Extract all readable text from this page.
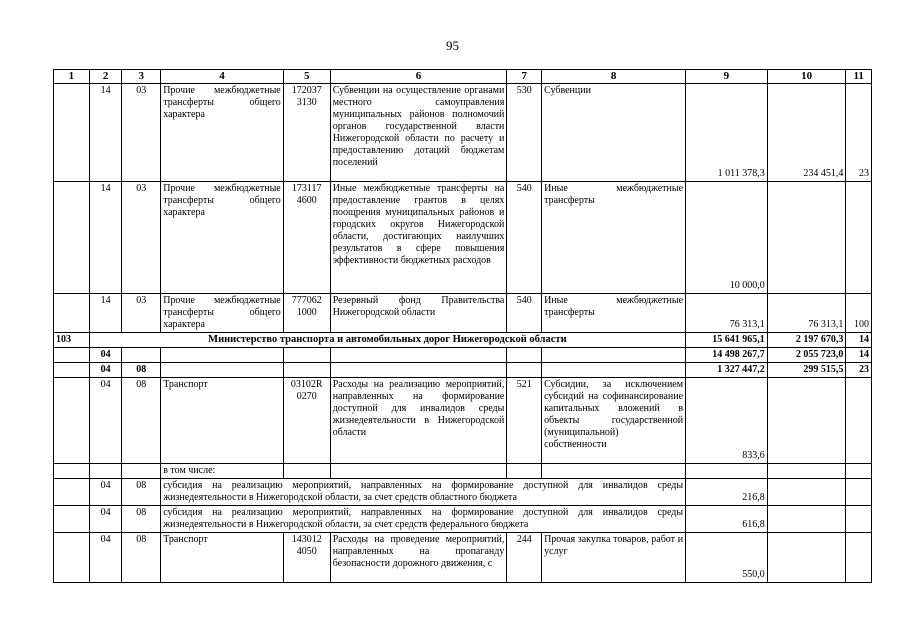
95
1	2	3	4	5	6	7	8	9	10	11
	14	03	Прочие межбюджетные трансферты общего характера	172037 3130	Субвенции на осуществление органами местного самоуправления муниципальных районов полномочий органов государственной власти Нижегородской области по расчету и предоставлению дотаций бюджетам поселений	530	Субвенции	1 011 378,3	234 451,4	23
	14	03	Прочие межбюджетные трансферты общего характера	173117 4600	Иные межбюджетные трансферты на предоставление грантов в целях поощрения муниципальных районов и городских округов Нижегородской области, достигающих наилучших результатов в сфере повышения эффективности бюджетных расходов	540	Иные межбюджетные трансферты	10 000,0		
	14	03	Прочие межбюджетные трансферты общего характера	777062 1000	Резервный фонд Правительства Нижегородской области	540	Иные межбюджетные трансферты	76 313,1	76 313,1	100
103	Министерство транспорта и автомобильных дорог Нижегородской области							15 641 965,1	2 197 670,3	14
	04							14 498 267,7	2 055 723,0	14
	04	08						1 327 447,2	299 515,5	23
	04	08	Транспорт	03102R 0270	Расходы на реализацию мероприятий, направленных на формирование доступной для инвалидов среды жизнедеятельности в Нижегородской области	521	Субсидии, за исключением субсидий на софинансирование капитальных вложений в объекты государственной (муниципальной) собственности	833,6		
			в том числе:							
	04	08	субсидия на реализацию мероприятий, направленных на формирование доступной для инвалидов среды жизнедеятельности в Нижегородской области, за счет средств областного бюджета					216,8		
	04	08	субсидия на реализацию мероприятий, направленных на формирование доступной для инвалидов среды жизнедеятельности в Нижегородской области, за счет средств федерального бюджета					616,8		
	04	08	Транспорт	143012 4050	Расходы на проведение мероприятий, направленных на пропаганду безопасности дорожного движения, с	244	Прочая закупка товаров, работ и услуг	550,0		
